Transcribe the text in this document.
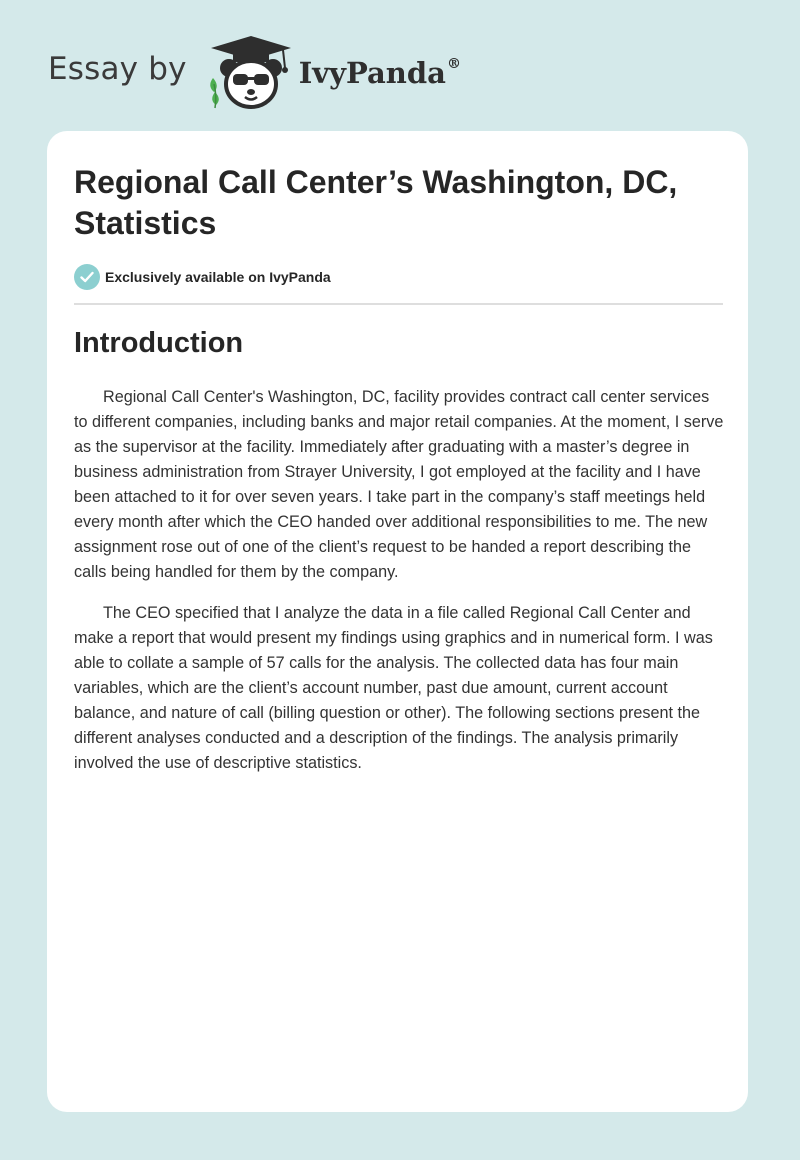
Essay by	IvyPanda®
Regional Call Center’s Washington, DC, Statistics
Exclusively available on IvyPanda
Introduction

Regional Call Center's Washington, DC, facility provides contract call center services to different companies, including banks and major retail companies. At the moment, I serve as the supervisor at the facility. Immediately after graduating with a master’s degree in business administration from Strayer University, I got employed at the facility and I have been attached to it for over seven years. I take part in the company’s staff meetings held every month after which the CEO handed over additional responsibilities to me. The new assignment rose out of one of the client’s request to be handed a report describing the calls being handled for them by the company.

The CEO specified that I analyze the data in a file called Regional Call Center and make a report that would present my findings using graphics and in numerical form. I was able to collate a sample of 57 calls for the analysis. The collected data has four main variables, which are the client’s account number, past due amount, current account balance, and nature of call (billing question or other). The following sections present the different analyses conducted and a description of the findings. The analysis primarily involved the use of descriptive statistics.
